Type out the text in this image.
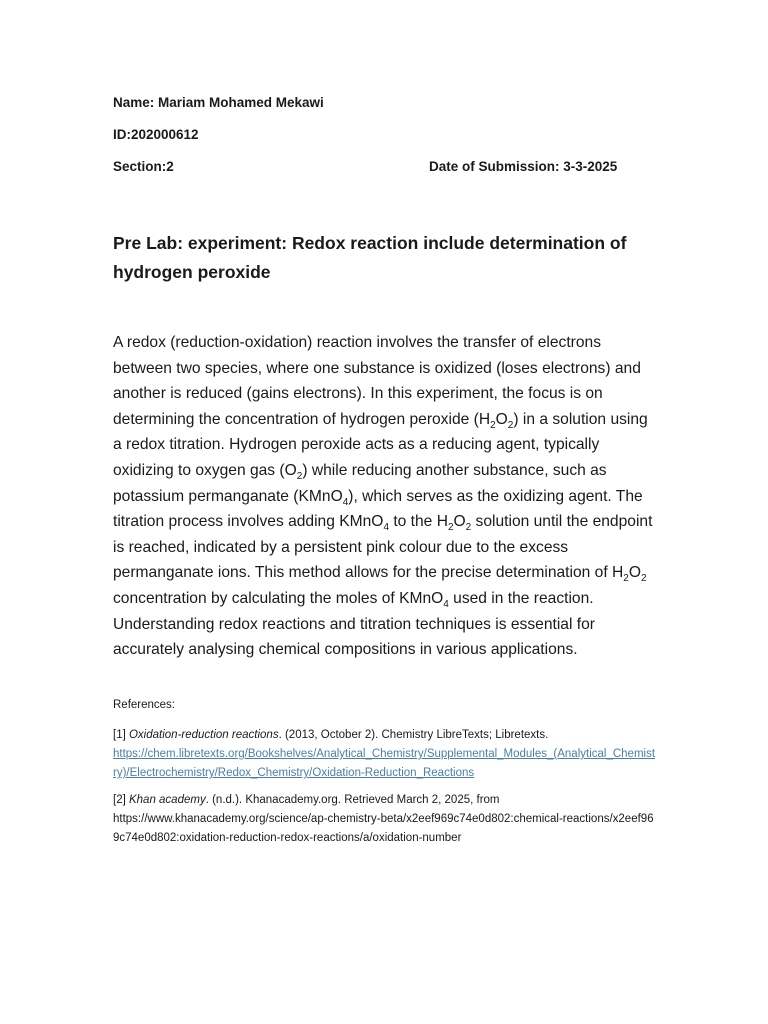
Name: Mariam Mohamed Mekawi
ID:202000612
Section:2	Date of Submission: 3-3-2025
Pre Lab: experiment: Redox reaction include determination of hydrogen peroxide

A redox (reduction-oxidation) reaction involves the transfer of electrons between two species, where one substance is oxidized (loses electrons) and another is reduced (gains electrons). In this experiment, the focus is on determining the concentration of hydrogen peroxide $(H_2O_2)$ in a solution using a redox titration. Hydrogen peroxide acts as a reducing agent, typically oxidizing to oxygen gas $(O_2)$ while reducing another substance, such as potassium permanganate (KMnO$_4$), which serves as the oxidizing agent. The titration process involves adding KMnO$_4$ to the $H_2O_2$ solution until the endpoint is reached, indicated by a persistent pink colour due to the excess permanganate ions. This method allows for the precise determination of $H_2O_2$ concentration by calculating the moles of KMnO$_4$ used in the reaction. Understanding redox reactions and titration techniques is essential for accurately analysing chemical compositions in various applications.

References:

[1] Oxidation-reduction reactions. (2013, October 2). Chemistry LibreTexts; Libretexts.
https://chem.libretexts.org/Bookshelves/Analytical_Chemistry/Supplemental_Modules_(Analytical_Chemistry)/Electrochemistry/Redox_Chemistry/Oxidation-Reduction_Reactions

[2] Khan academy. (n.d.). Khanacademy.org. Retrieved March 2, 2025, from
https://www.khanacademy.org/science/ap-chemistry-beta/x2eef969c74e0d802:chemical-reactions/x2eef969c74e0d802:oxidation-reduction-redox-reactions/a/oxidation-number
